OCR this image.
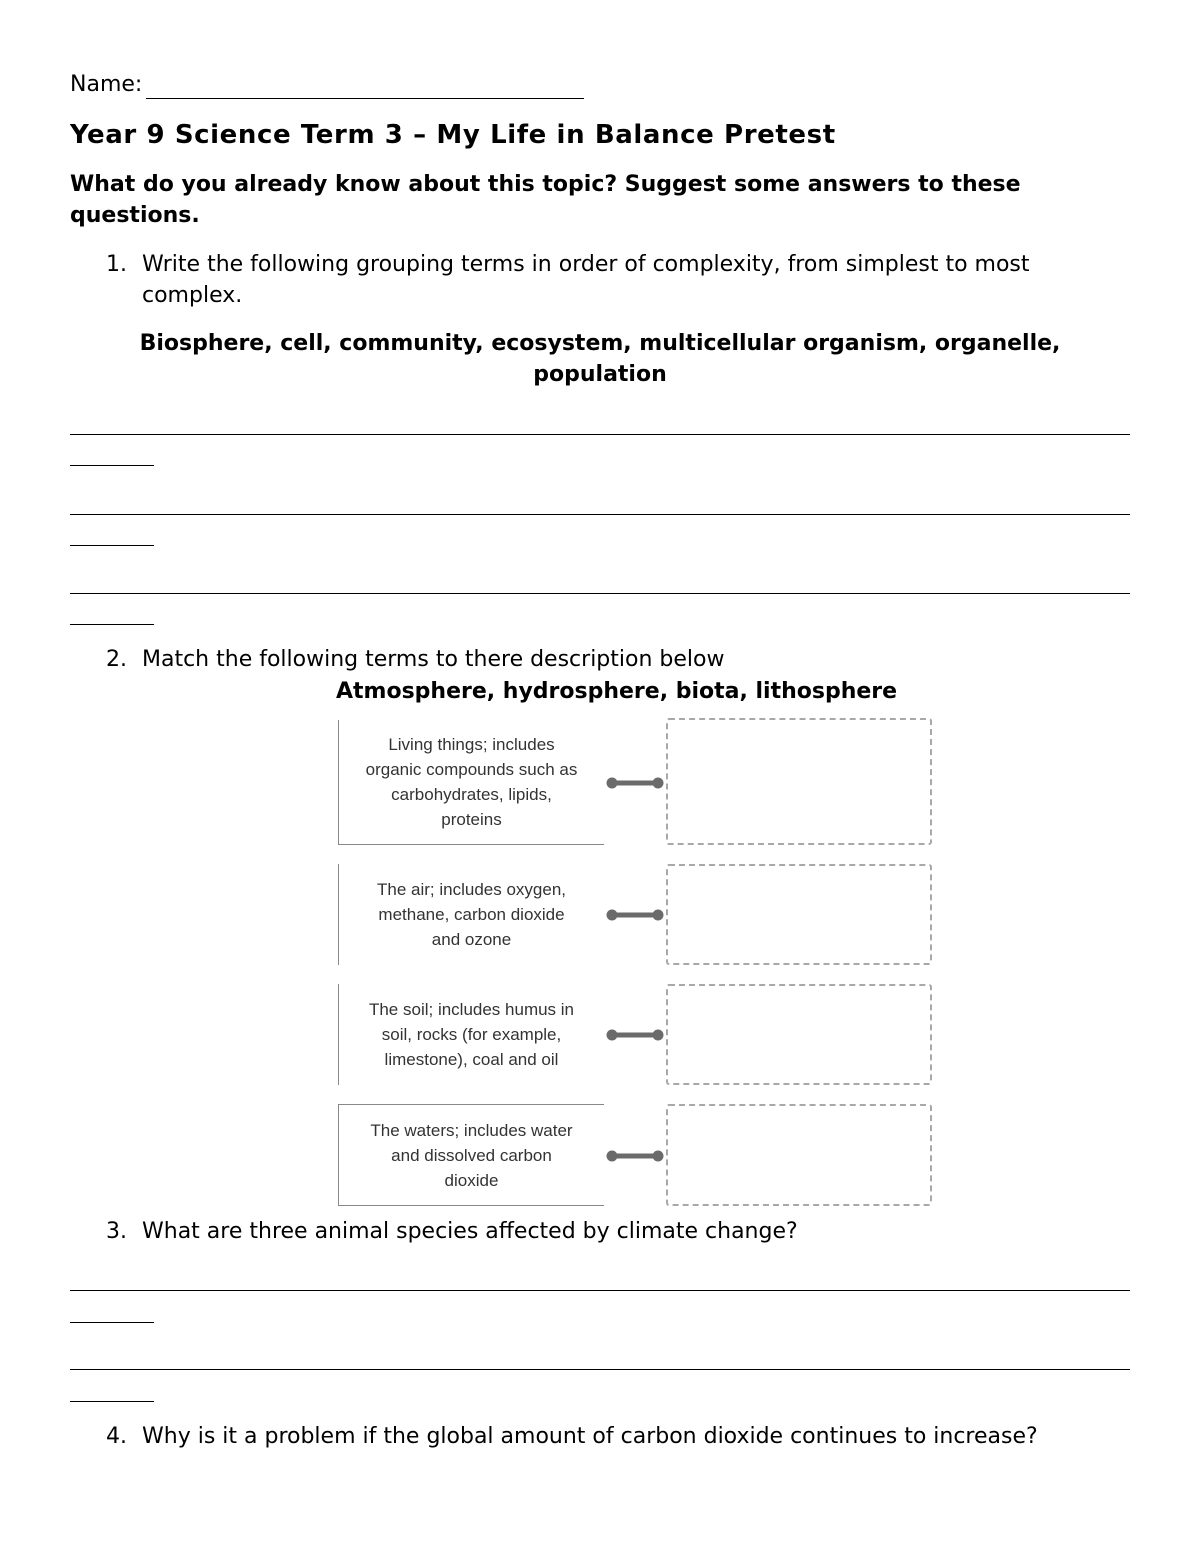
Name:
Year 9 Science Term 3 – My Life in Balance Pretest
What do you already know about this topic? Suggest some answers to these
questions.
1. Write the following grouping terms in order of complexity, from simplest to most
complex.
Biosphere, cell, community, ecosystem, multicellular organism, organelle,
population
2. Match the following terms to there description below
Atmosphere, hydrosphere, biota, lithosphere
Living things; includes
organic compounds such as
carbohydrates, lipids,
proteins
The air; includes oxygen,
methane, carbon dioxide
and ozone
The soil; includes humus in
soil, rocks (for example,
limestone), coal and oil
The waters; includes water
and dissolved carbon
dioxide
3. What are three animal species affected by climate change?
4. Why is it a problem if the global amount of carbon dioxide continues to increase?
